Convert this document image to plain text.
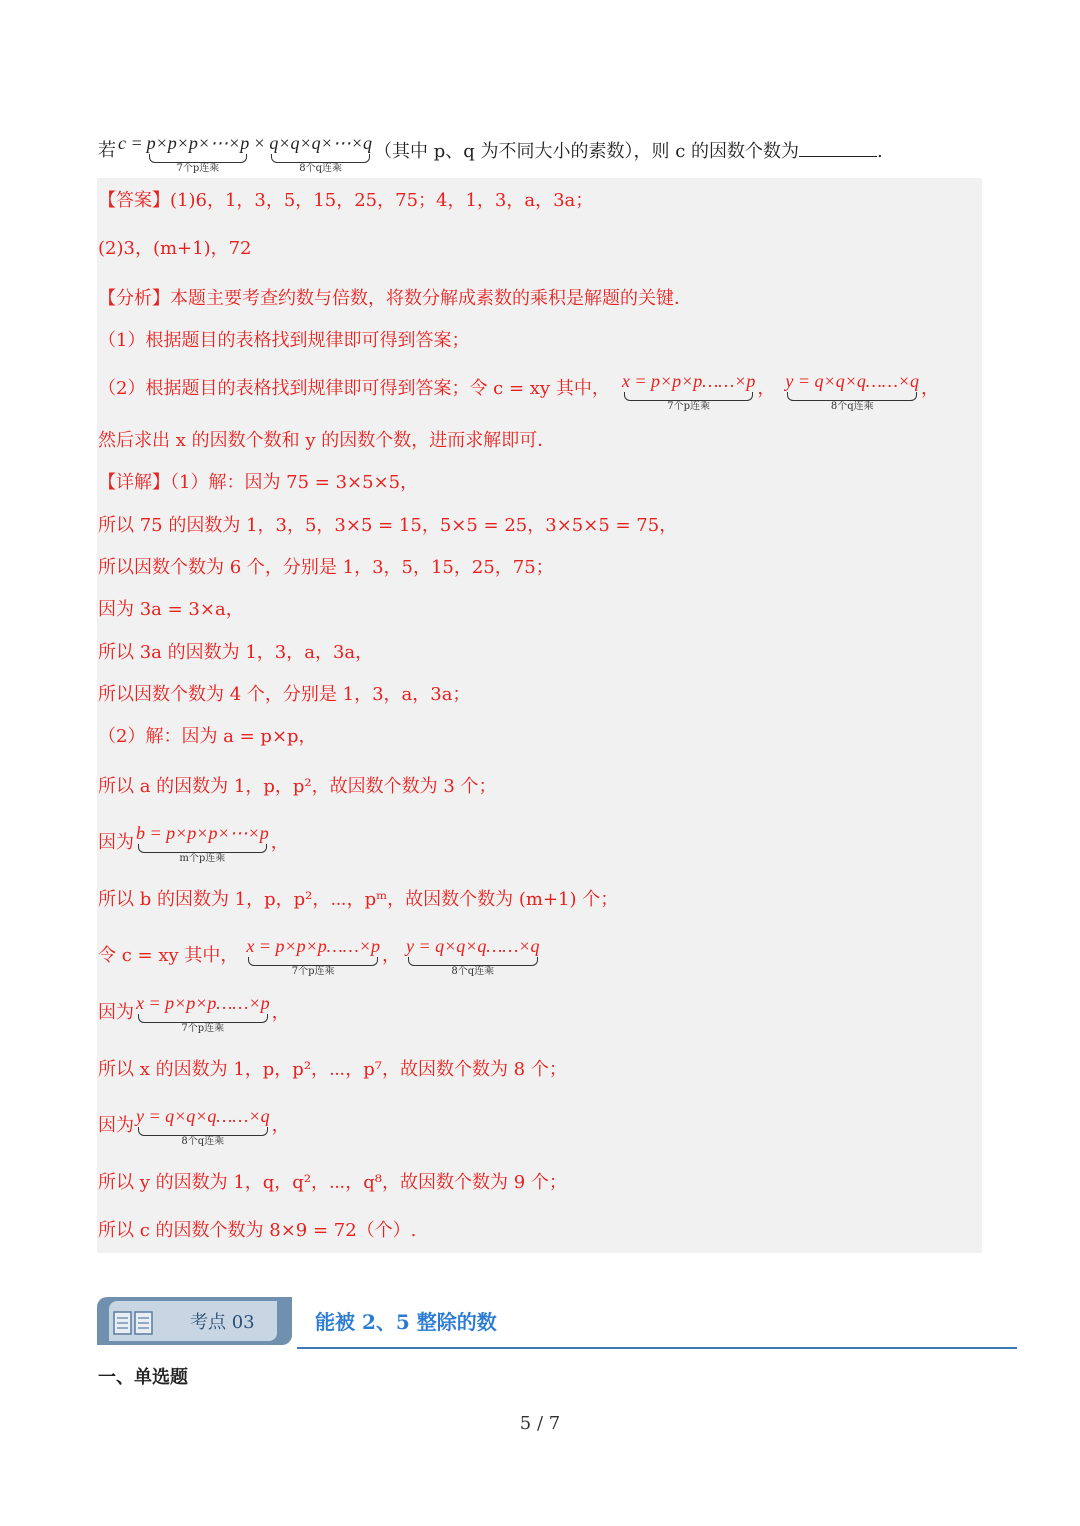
若 c = p×p×p×⋯×p
7个p连乘
× q×q×q×⋯×q
8个q连乘
（其中 p、q 为不同大小的素数），则 c 的因数个数为	.
【答案】(1)6，1，3，5，15，25，75；4，1，3，a，3a；
(2)3，(m+1)，72
【分析】本题主要考查约数与倍数，将数分解成素数的乘积是解题的关键．
（1）根据题目的表格找到规律即可得到答案；
（2）根据题目的表格找到规律即可得到答案；令 c = xy 其中， x = p×p×p……×p
7个p连乘
， y = q×q×q……×q
8个q连乘
，
然后求出 x 的因数个数和 y 的因数个数，进而求解即可．
【详解】（1）解：因为 75 = 3×5×5，
所以 75 的因数为 1，3，5，3×5 = 15，5×5 = 25，3×5×5 = 75，
所以因数个数为 6 个，分别是 1，3，5，15，25，75；
因为 3a = 3×a，
所以 3a 的因数为 1，3，a，3a，
所以因数个数为 4 个，分别是 1，3，a，3a；
（2）解：因为 a = p×p，
所以 a 的因数为 1，p，p²，故因数个数为 3 个；
因为 b = p×p×p×⋯×p
m个p连乘
，
所以 b 的因数为 1，p，p²，⋯，pᵐ，故因数个数为 (m+1) 个；
令 c = xy 其中， x = p×p×p……×p
7个p连乘
， y = q×q×q……×q
8个q连乘
因为 x = p×p×p……×p
7个p连乘
，
所以 x 的因数为 1，p，p²，⋯，p⁷，故因数个数为 8 个；
因为 y = q×q×q……×q
8个q连乘
，
所以 y 的因数为 1，q，q²，⋯，q⁸，故因数个数为 9 个；
所以 c 的因数个数为 8×9 = 72（个）.
考点 03	能被 2、5 整除的数
一、单选题
5 / 7
